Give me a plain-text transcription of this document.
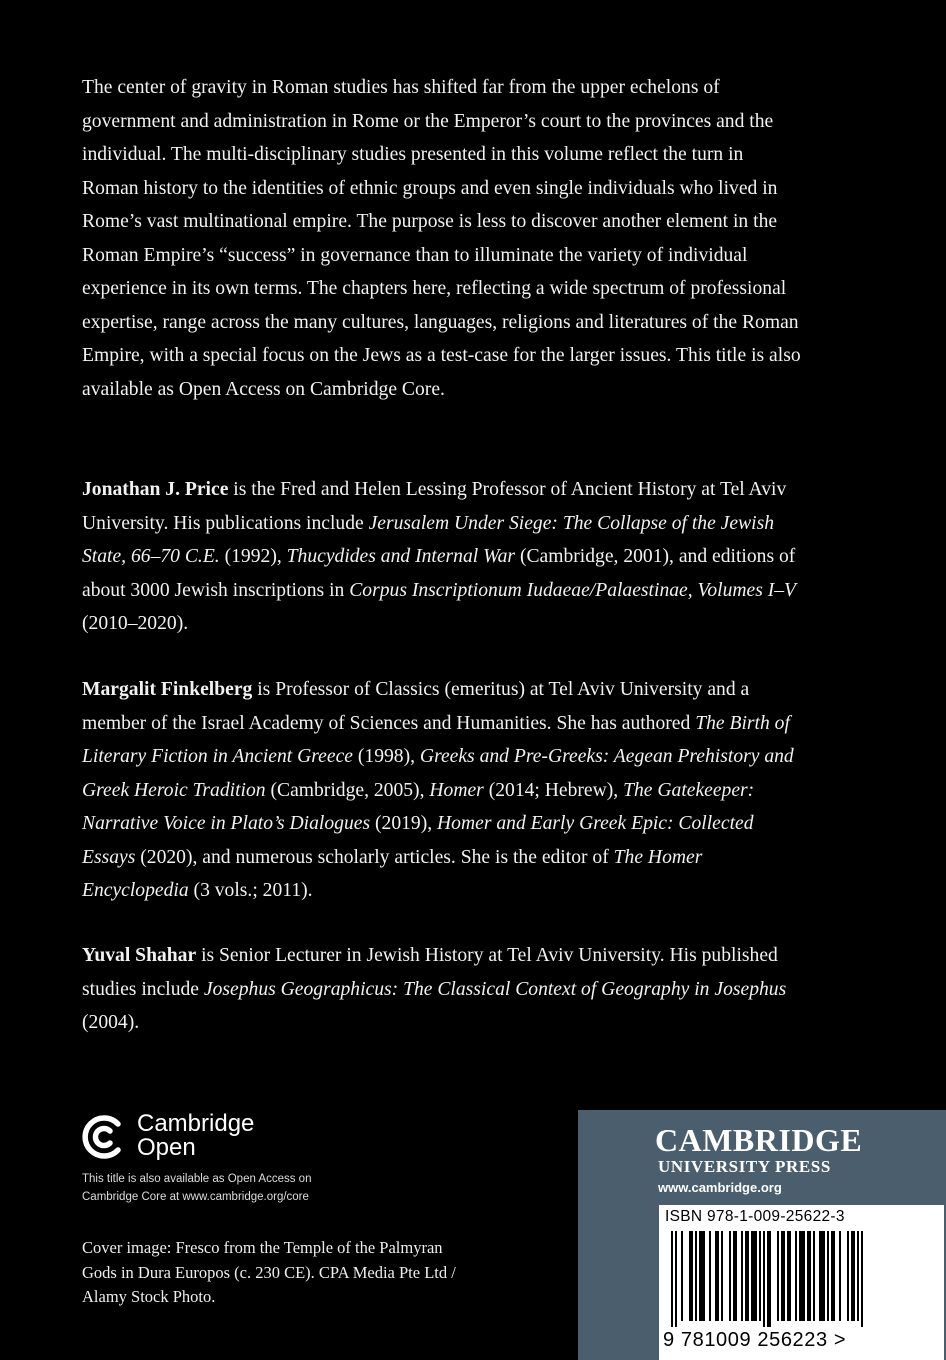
The center of gravity in Roman studies has shifted far from the upper echelons of government and administration in Rome or the Emperor’s court to the provinces and the individual. The multi-disciplinary studies presented in this volume reflect the turn in Roman history to the identities of ethnic groups and even single individuals who lived in Rome’s vast multinational empire. The purpose is less to discover another element in the Roman Empire’s “success” in governance than to illuminate the variety of individual experience in its own terms. The chapters here, reflecting a wide spectrum of professional expertise, range across the many cultures, languages, religions and literatures of the Roman Empire, with a special focus on the Jews as a test-case for the larger issues. This title is also available as Open Access on Cambridge Core.

Jonathan J. Price is the Fred and Helen Lessing Professor of Ancient History at Tel Aviv University. His publications include Jerusalem Under Siege: The Collapse of the Jewish State, 66–70 C.E. (1992), Thucydides and Internal War (Cambridge, 2001), and editions of about 3000 Jewish inscriptions in Corpus Inscriptionum Iudaeae/Palaestinae, Volumes I–V (2010–2020).

Margalit Finkelberg is Professor of Classics (emeritus) at Tel Aviv University and a member of the Israel Academy of Sciences and Humanities. She has authored The Birth of Literary Fiction in Ancient Greece (1998), Greeks and Pre-Greeks: Aegean Prehistory and Greek Heroic Tradition (Cambridge, 2005), Homer (2014; Hebrew), The Gatekeeper: Narrative Voice in Plato’s Dialogues (2019), Homer and Early Greek Epic: Collected Essays (2020), and numerous scholarly articles. She is the editor of The Homer Encyclopedia (3 vols.; 2011).

Yuval Shahar is Senior Lecturer in Jewish History at Tel Aviv University. His published studies include Josephus Geographicus: The Classical Context of Geography in Josephus (2004).

Cambridge
Open
This title is also available as Open Access on
Cambridge Core at www.cambridge.org/core
Cover image: Fresco from the Temple of the Palmyran
Gods in Dura Europos (c. 230 CE). CPA Media Pte Ltd /
Alamy Stock Photo.
CAMBRIDGE
UNIVERSITY PRESS
www.cambridge.org
ISBN 978-1-009-25622-3
9 781009 256223 >
